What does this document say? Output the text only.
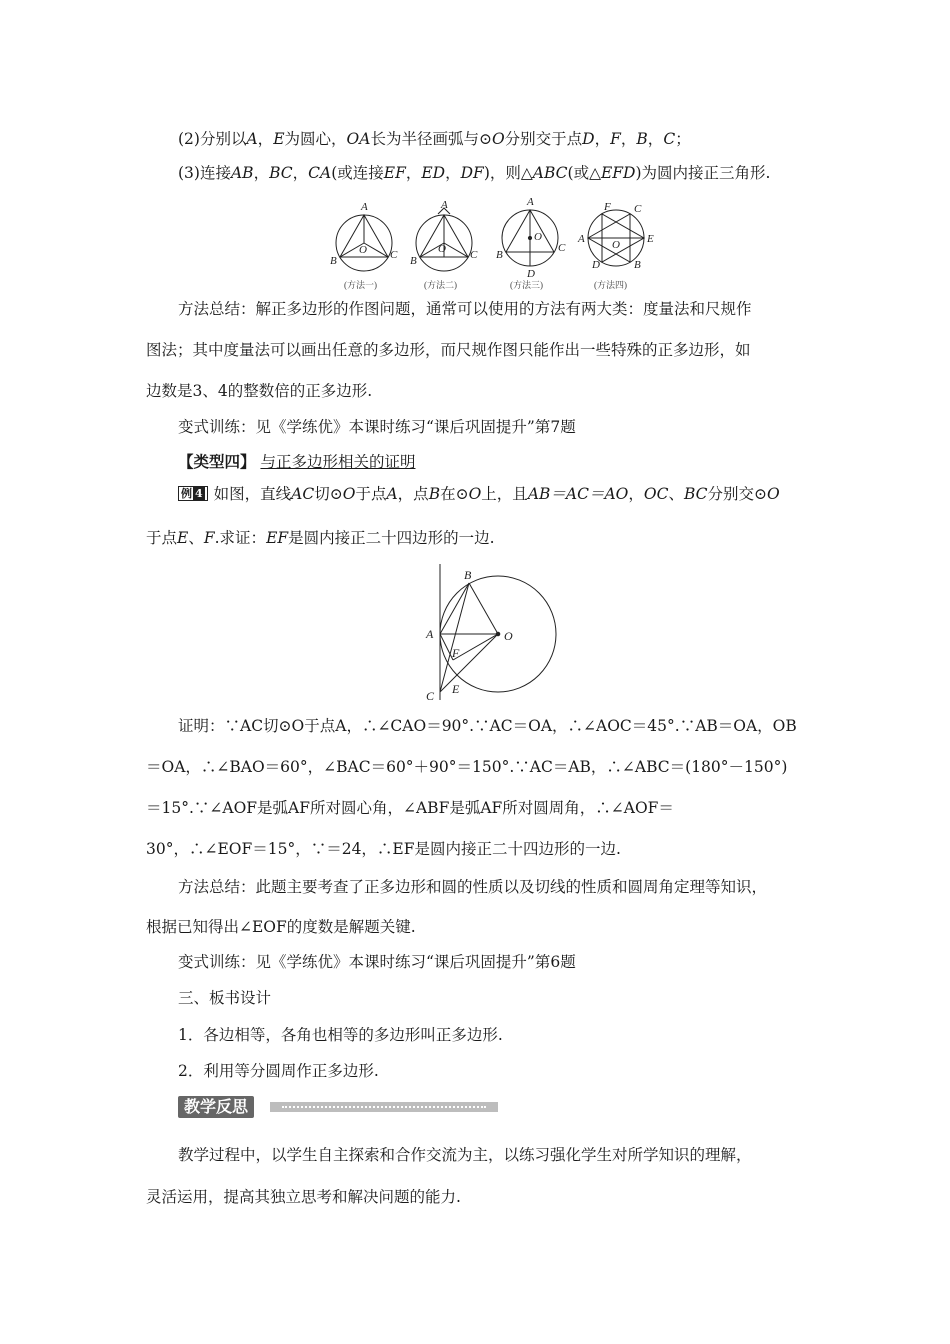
(2)分别以A，E为圆心，OA长为半径画弧与⊙O分别交于点D，F，B，C；
(3)连接AB，BC，CA(或连接EF，ED，DF)，则△ABC(或△EFD)为圆内接正三角形.
A
B	C
O
(方法一)
A
B	C
O
(方法二)
A
B
C
O
D
(方法三)
F C
A	E
O
D	B
(方法四)
方法总结：解正多边形的作图问题，通常可以使用的方法有两大类：度量法和尺规作
图法；其中度量法可以画出任意的多边形，而尺规作图只能作出一些特殊的正多边形，如
边数是3、4的整数倍的正多边形.
变式训练：见《学练优》本课时练习“课后巩固提升”第7题
【类型四】 与正多边形相关的证明
例 4 如图，直线AC切⊙O于点A，点B在⊙O上，且AB＝AC＝AO，OC、BC分别交⊙O
于点E、F.求证：EF是圆内接正二十四边形的一边.
B
A	O
F
E
C
证明：∵AC切⊙O于点A，∴∠CAO＝90°.∵AC＝OA，∴∠AOC＝45°.∵AB＝OA，OB
＝OA，∴∠BAO＝60°，∠BAC＝60°＋90°＝150°.∵AC＝AB，∴∠ABC＝(180°－150°)
＝15°.∵∠AOF是弧AF所对圆心角，∠ABF是弧AF所对圆周角，∴∠AOF＝
30°，∴∠EOF＝15°，∵＝24，∴EF是圆内接正二十四边形的一边.
方法总结：此题主要考查了正多边形和圆的性质以及切线的性质和圆周角定理等知识，
根据已知得出∠EOF的度数是解题关键.
变式训练：见《学练优》本课时练习“课后巩固提升”第6题
三、板书设计
1．各边相等，各角也相等的多边形叫正多边形.
2．利用等分圆周作正多边形.
教学反思
教学过程中，以学生自主探索和合作交流为主，以练习强化学生对所学知识的理解，
灵活运用，提高其独立思考和解决问题的能力.
